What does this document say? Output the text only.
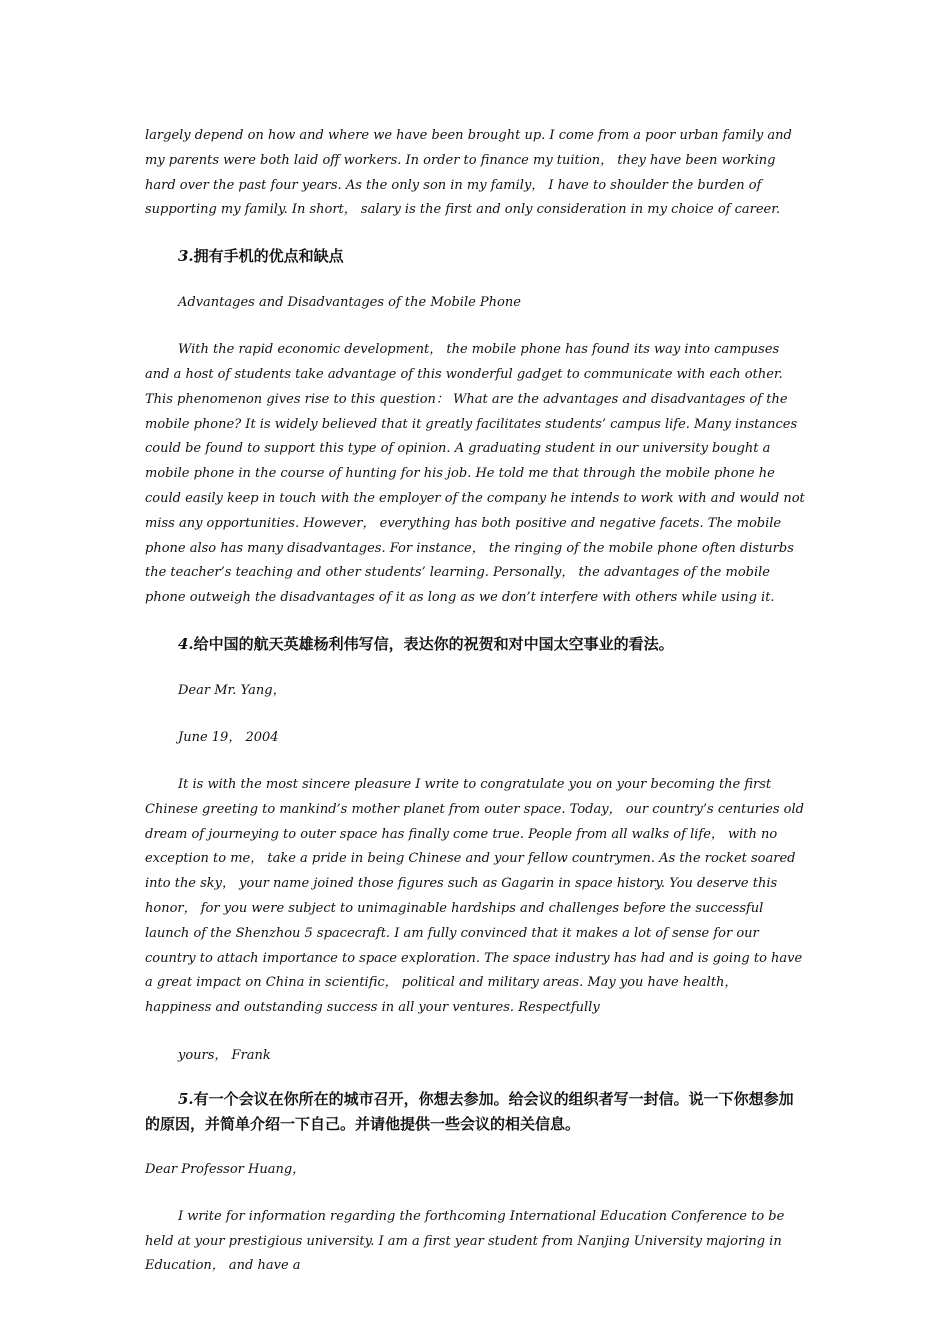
largely depend on how and where we have been brought up. I come from a poor urban family and my parents were both laid off workers. In order to finance my tuition， they have been working hard over the past four years. As the only son in my family， I have to shoulder the burden of supporting my family. In short， salary is the first and only consideration in my choice of career.

3.拥有手机的优点和缺点

Advantages and Disadvantages of the Mobile Phone

With the rapid economic development， the mobile phone has found its way into campuses and a host of students take advantage of this wonderful gadget to communicate with each other. This phenomenon gives rise to this question： What are the advantages and disadvantages of the mobile phone? It is widely believed that it greatly facilitates students’ campus life. Many instances could be found to support this type of opinion. A graduating student in our university bought a mobile phone in the course of hunting for his job. He told me that through the mobile phone he could easily keep in touch with the employer of the company he intends to work with and would not miss any opportunities. However， everything has both positive and negative facets. The mobile phone also has many disadvantages. For instance， the ringing of the mobile phone often disturbs the teacher’s teaching and other students’ learning. Personally， the advantages of the mobile phone outweigh the disadvantages of it as long as we don’t interfere with others while using it.

4.给中国的航天英雄杨利伟写信，表达你的祝贺和对中国太空事业的看法。

Dear Mr. Yang，

June 19， 2004

It is with the most sincere pleasure I write to congratulate you on your becoming the first Chinese greeting to mankind’s mother planet from outer space. Today， our country’s centuries old dream of journeying to outer space has finally come true. People from all walks of life， with no exception to me， take a pride in being Chinese and your fellow countrymen. As the rocket soared into the sky， your name joined those figures such as Gagarin in space history. You deserve this honor， for you were subject to unimaginable hardships and challenges before the successful launch of the Shenzhou 5 spacecraft. I am fully convinced that it makes a lot of sense for our country to attach importance to space exploration. The space industry has had and is going to have a great impact on China in scientific， political and military areas. May you have health， happiness and outstanding success in all your ventures. Respectfully

yours， Frank

5.有一个会议在你所在的城市召开，你想去参加。给会议的组织者写一封信。说一下你想参加的原因，并简单介绍一下自己。并请他提供一些会议的相关信息。

Dear Professor Huang，

I write for information regarding the forthcoming International Education Conference to be held at your prestigious university. I am a first year student from Nanjing University majoring in Education， and have a
